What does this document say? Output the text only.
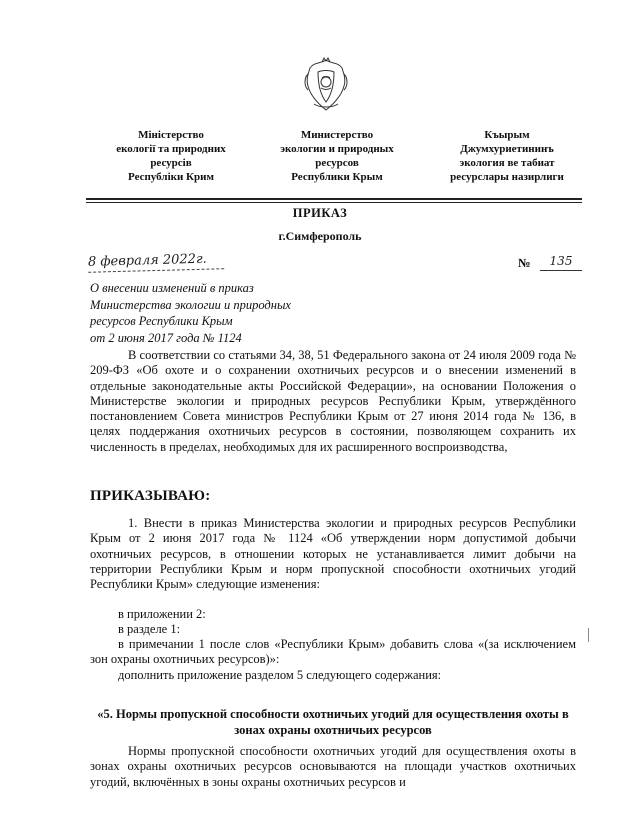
Міністерство
екології та природних
ресурсів
Республіки Крим
Министерство
экологии и природных
ресурсов
Республики Крым
Къырым
Джумхуриетининъ
экология ве табиат
ресурслары назирлиги
ПРИКАЗ
г.Симферополь
8 февраля 2022г.	№	135
О внесении изменений в приказ
Министерства экологии и природных
ресурсов Республики Крым
от 2 июня 2017 года № 1124
В соответствии со статьями 34, 38, 51 Федерального закона от 24 июля 2009 года № 209-ФЗ «Об охоте и о сохранении охотничьих ресурсов и о внесении изменений в отдельные законодательные акты Российской Федерации», на основании Положения о Министерстве экологии и природных ресурсов Республики Крым, утверждённого постановлением Совета министров Республики Крым от 27 июня 2014 года № 136, в целях поддержания охотничьих ресурсов в состоянии, позволяющем сохранить их численность в пределах, необходимых для их расширенного воспроизводства,
ПРИКАЗЫВАЮ:
1. Внести в приказ Министерства экологии и природных ресурсов Республики Крым от 2 июня 2017 года № 1124 «Об утверждении норм допустимой добычи охотничьих ресурсов, в отношении которых не устанавливается лимит добычи на территории Республики Крым и норм пропускной способности охотничьих угодий Республики Крым» следующие изменения:
в приложении 2:
в разделе 1:
в примечании 1 после слов «Республики Крым» добавить слова «(за исключением зон охраны охотничьих ресурсов)»:
дополнить приложение разделом 5 следующего содержания:
«5. Нормы пропускной способности охотничьих угодий для осуществления охоты в зонах охраны охотничьих ресурсов
Нормы пропускной способности охотничьих угодий для осуществления охоты в зонах охраны охотничьих ресурсов основываются на площади участков охотничьих угодий, включённых в зоны охраны охотничьих ресурсов и
